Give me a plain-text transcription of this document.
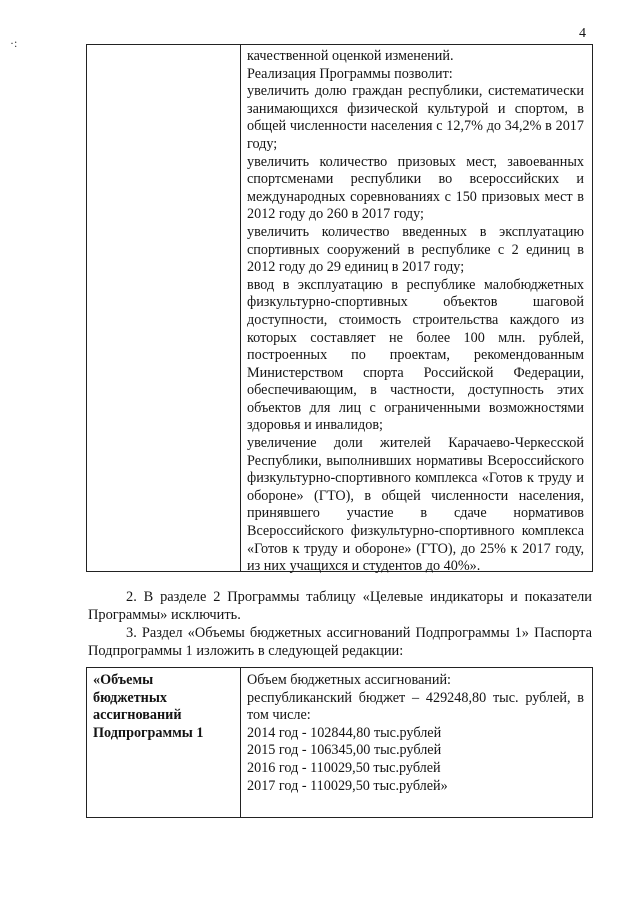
4
·:

качественной оценкой изменений.

Реализация Программы позволит:

увеличить долю граждан республики, систематически занимающихся физической культурой и спортом, в общей численности населения с 12,7% до 34,2% в 2017 году;

увеличить количество призовых мест, завоеванных спортсменами республики во всероссийских и международных соревнованиях с 150 призовых мест в 2012 году до 260 в 2017 году;

увеличить количество введенных в эксплуатацию спортивных сооружений в республике с 2 единиц в 2012 году до 29 единиц в 2017 году;

ввод в эксплуатацию в республике малобюджетных физкультурно-спортивных объектов шаговой доступности, стоимость строительства каждого из которых составляет не более 100 млн. рублей, построенных по проектам, рекомендованным Министерством спорта Российской Федерации, обеспечивающим, в частности, доступность этих объектов для лиц с ограниченными возможностями здоровья и инвалидов;

увеличение доли жителей Карачаево-Черкесской Республики, выполнивших нормативы Всероссийского физкультурно-спортивного комплекса «Готов к труду и обороне» (ГТО), в общей численности населения, принявшего участие в сдаче нормативов Всероссийского физкультурно-спортивного комплекса «Готов к труду и обороне» (ГТО), до 25% к 2017 году, из них учащихся и студентов до 40%».

2. В разделе 2 Программы таблицу «Целевые индикаторы и показатели Программы» исключить.

3. Раздел «Объемы бюджетных ассигнований Подпрограммы 1» Паспорта Подпрограммы 1 изложить в следующей редакции:

«Объемы
бюджетных
ассигнований
Подпрограммы 1

Объем бюджетных ассигнований:

республиканский бюджет – 429248,80 тыс. рублей, в том числе:

2014 год - 102844,80 тыс.рублей
2015 год - 106345,00 тыс.рублей
2016 год - 110029,50 тыс.рублей
2017 год - 110029,50 тыс.рублей»
